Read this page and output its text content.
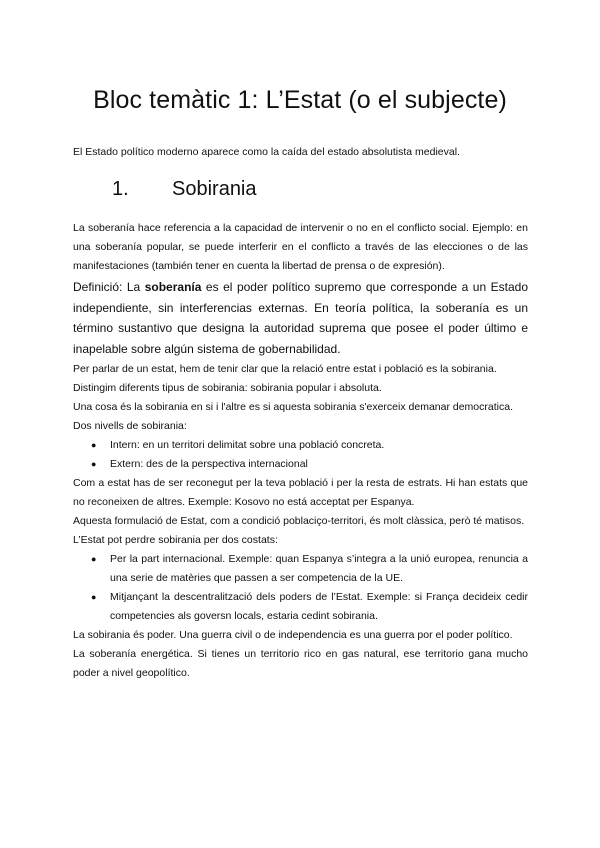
Bloc temàtic 1: L’Estat (o el subjecte)

El Estado político moderno aparece como la caída del estado absolutista medieval.

1. Sobirania

La soberanía hace referencia a la capacidad de intervenir o no en el conflicto social. Ejemplo: en una soberanía popular, se puede interferir en el conflicto a través de las elecciones o de las manifestaciones (también tener en cuenta la libertad de prensa o de expresión).

Definició: La soberanía es el poder político supremo que corresponde a un Estado independiente, sin interferencias externas. En teoría política, la soberanía es un término sustantivo que designa la autoridad suprema que posee el poder último e inapelable sobre algún sistema de gobernabilidad.

Per parlar de un estat, hem de tenir clar que la relació entre estat i població es la sobirania.

Distingim diferents tipus de sobirania: sobirania popular i absoluta.

Una cosa és la sobirania en si i l'altre es si aquesta sobirania s'exerceix demanar democratica.

Dos nivells de sobirania:

● Intern: en un territori delimitat sobre una població concreta.
● Extern: des de la perspectiva internacional

Com a estat has de ser reconegut per la teva població i per la resta de estrats. Hi han estats que no reconeixen de altres. Exemple: Kosovo no está acceptat per Espanya.

Aquesta formulació de Estat, com a condició poblaciço-territori, és molt clàssica, però té matisos.

L’Estat pot perdre sobirania per dos costats:

● Per la part internacional. Exemple: quan Espanya s’integra a la unió europea, renuncia a una serie de matèries que passen a ser competencia de la UE.
● Mitjançant la descentralització dels poders de l’Estat. Exemple: si França decideix cedir competencies als goversn locals, estaria cedint sobirania.

La sobirania és poder. Una guerra civil o de independencia es una guerra por el poder político.

La soberanía energética. Si tienes un territorio rico en gas natural, ese territorio gana mucho poder a nivel geopolítico.
